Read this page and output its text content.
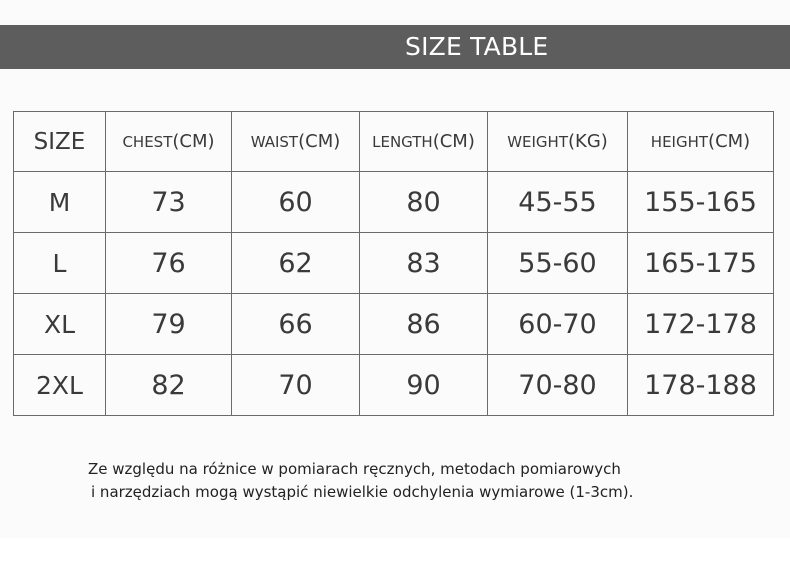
SIZE TABLE
SIZE	CHEST(CM)	WAIST(CM)	LENGTH(CM)	WEIGHT(KG)	HEIGHT(CM)
M	73	60	80	45-55	155-165
L	76	62	83	55-60	165-175
XL	79	66	86	60-70	172-178
2XL	82	70	90	70-80	178-188
Ze względu na różnice w pomiarach ręcznych, metodach pomiarowych
i narzędziach mogą wystąpić niewielkie odchylenia wymiarowe (1-3cm).
